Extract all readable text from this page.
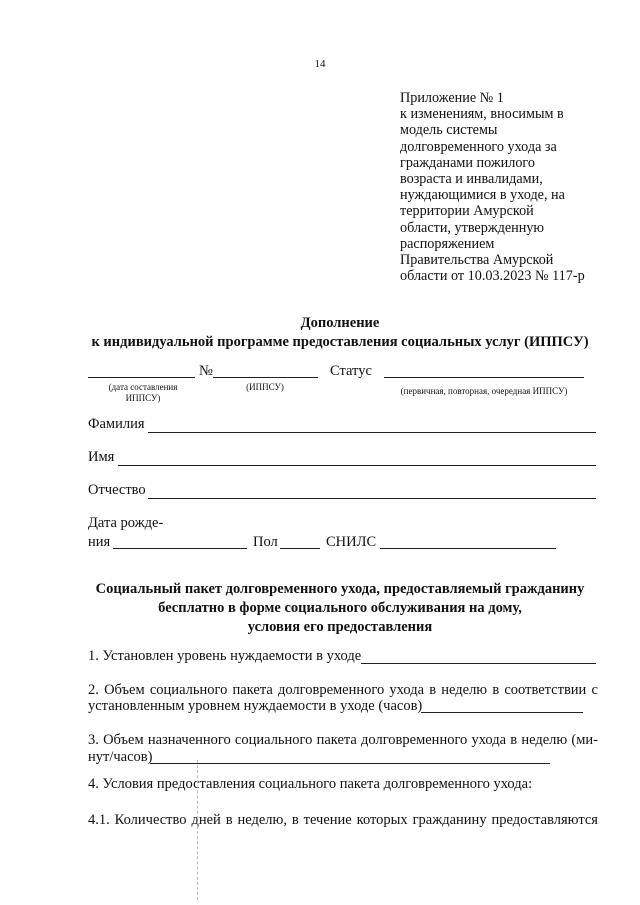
14
Приложение № 1
к изменениям, вносимым в
модель системы
долговременного ухода за
гражданами пожилого
возраста и инвалидами,
нуждающимися в уходе, на
территории Амурской
области, утвержденную
распоряжением
Правительства Амурской
области от 10.03.2023 № 117-р
Дополнение
к индивидуальной программе предоставления социальных услуг (ИППСУ)
№	Статус
(дата составления
ИППСУ)
(ИППСУ)	(первичная, повторная, очередная ИППСУ)
Фамилия
Имя
Отчество
Дата рожде-
ния	Пол	СНИЛС
Социальный пакет долговременного ухода, предоставляемый гражданину
бесплатно в форме социального обслуживания на дому,
условия его предоставления
1. Установлен уровень нуждаемости в уходе
2. Объем социального пакета долговременного ухода в неделю в соответствии с
установленным уровнем нуждаемости в уходе (часов)
3. Объем назначенного социального пакета долговременного ухода в неделю (ми-
нут/часов)
4. Условия предоставления социального пакета долговременного ухода:
4.1. Количество дней в неделю, в течение которых гражданину предоставляются
